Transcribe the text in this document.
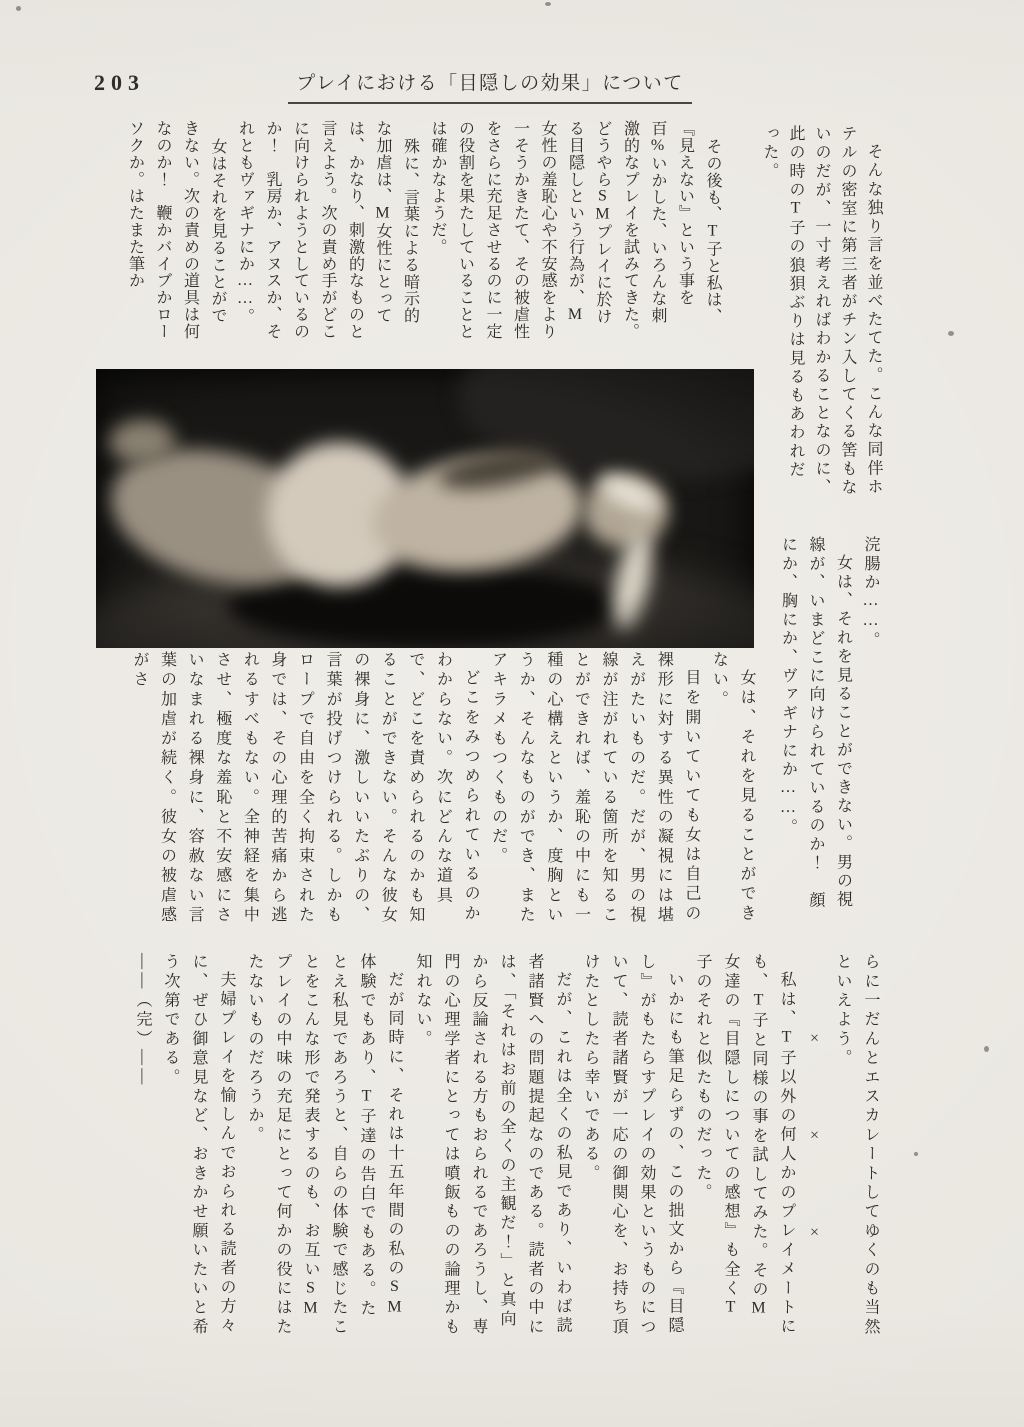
203	プレイにおける「目隠しの効果」について

そんな独り言を並べたてた。こんな同伴ホテルの密室に第三者がチン入してくる筈もないのだが、一寸考えればわかることなのに、此の時のT子の狼狽ぶりは見るもあわれだった。

その後も、T子と私は、『見えない』という事を百%いかした、いろんな刺激的なプレイを試みてきた。どうやらSMプレイに於ける目隠しという行為が、M女性の羞恥心や不安感をより一そうかきたて、その被虐性をさらに充足させるのに一定の役割を果たしていることとは確かなようだ。

殊に、言葉による暗示的な加虐は、M女性にとっては、かなり、刺激的なものと言えよう。次の責め手がどこに向けられようとしているのか！　乳房か、アヌスか、それともヴァギナにか……。

女はそれを見ることができない。次の責めの道具は何なのか！　鞭かバイブかローソクか。はたまた筆か

浣腸か……。

女は、それを見ることができない。男の視線が、いまどこに向けられているのか！　顔にか、胸にか、ヴァギナにか……。

女は、それを見ることができない。

目を開いていても女は自己の裸形に対する異性の凝視には堪えがたいものだ。だが、男の視線が注がれている箇所を知ることができれば、羞恥の中にも一種の心構えというか、度胸というか、そんなものができ、またアキラメもつくものだ。

どこをみつめられているのかわからない。次にどんな道具で、どこを責められるのかも知ることができない。そんな彼女の裸身に、激しいいたぶりの、言葉が投げつけられる。しかもロープで自由を全く拘束された身では、その心理的苦痛から逃れるすべもない。全神経を集中させ、極度な羞恥と不安感にさいなまれる裸身に、容赦ない言葉の加虐が続く。彼女の被虐感がさ

らに一だんとエスカレートしてゆくのも当然といえよう。

　　　　×　　　　×　　　　×

私は、T子以外の何人かのプレイメートにも、T子と同様の事を試してみた。そのM女達の『目隠しについての感想』も全くT子のそれと似たものだった。

いかにも筆足らずの、この拙文から『目隠し』がもたらすプレイの効果というものについて、読者諸賢が一応の御関心を、お持ち頂けたとしたら幸いである。

だが、これは全くの私見であり、いわば読者諸賢への問題提起なのである。読者の中には、「それはお前の全くの主観だ！」と真向から反論される方もおられるであろうし、専門の心理学者にとっては噴飯ものの論理かも知れない。

だが同時に、それは十五年間の私のSM体験でもあり、T子達の告白でもある。たとえ私見であろうと、自らの体験で感じたことをこんな形で発表するのも、お互いSMプレイの中味の充足にとって何かの役にはたたないものだろうか。

夫婦プレイを愉しんでおられる読者の方々に、ぜひ御意見など、おきかせ願いたいと希う次第である。

――（完）――
